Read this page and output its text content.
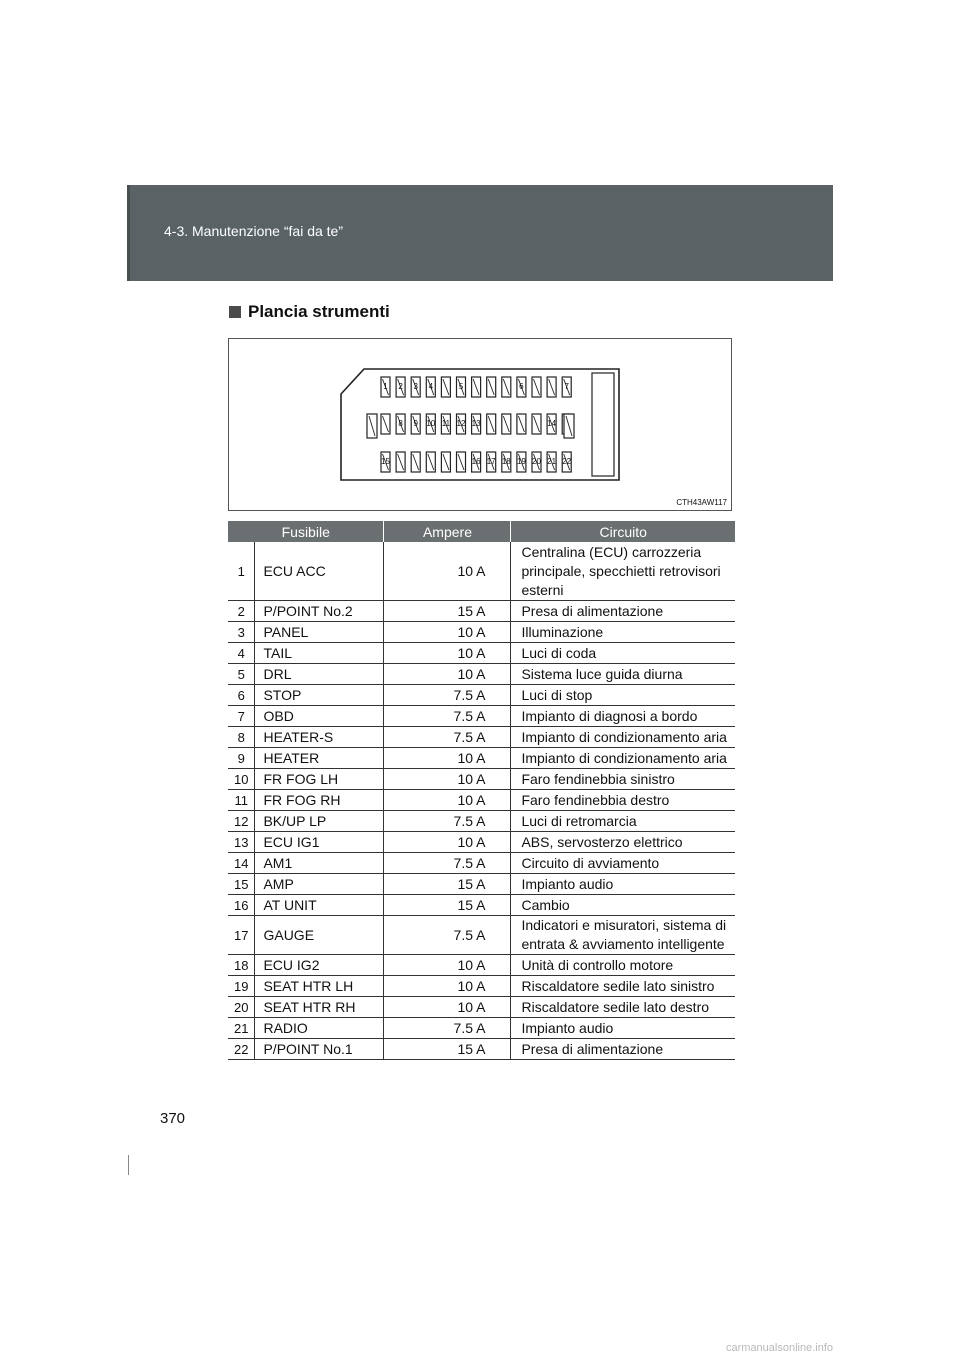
4-3. Manutenzione “fai da te”
Plancia strumenti
1 2 3 4	5	6	7
8 9 10 11 12 13	14
15	16 17 18 19 20 21 22
CTH43AW117
Fusibile		Ampere	Circuito
1	ECU ACC	10 A	Centralina (ECU) carrozzeria principale, specchietti retrovisori esterni
2	P/POINT No.2	15 A	Presa di alimentazione
3	PANEL	10 A	Illuminazione
4	TAIL	10 A	Luci di coda
5	DRL	10 A	Sistema luce guida diurna
6	STOP	7.5 A	Luci di stop
7	OBD	7.5 A	Impianto di diagnosi a bordo
8	HEATER-S	7.5 A	Impianto di condizionamento aria
9	HEATER	10 A	Impianto di condizionamento aria
10	FR FOG LH	10 A	Faro fendinebbia sinistro
11	FR FOG RH	10 A	Faro fendinebbia destro
12	BK/UP LP	7.5 A	Luci di retromarcia
13	ECU IG1	10 A	ABS, servosterzo elettrico
14	AM1	7.5 A	Circuito di avviamento
15	AMP	15 A	Impianto audio
16	AT UNIT	15 A	Cambio
17	GAUGE	7.5 A	Indicatori e misuratori, sistema di entrata & avviamento intelligente
18	ECU IG2	10 A	Unità di controllo motore
19	SEAT HTR LH	10 A	Riscaldatore sedile lato sinistro
20	SEAT HTR RH	10 A	Riscaldatore sedile lato destro
21	RADIO	7.5 A	Impianto audio
22	P/POINT No.1	15 A	Presa di alimentazione
370
carmanualsonline.info
